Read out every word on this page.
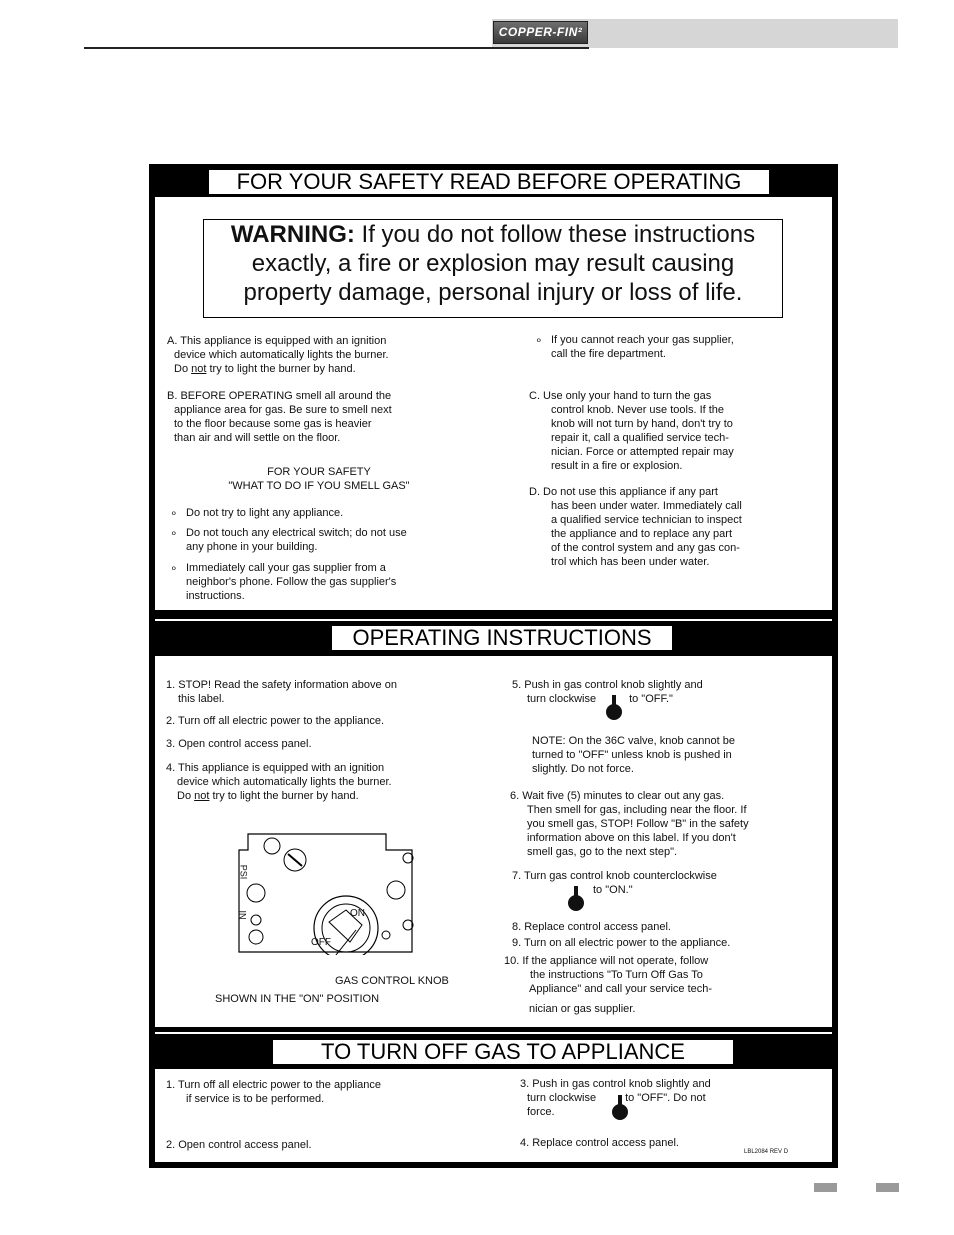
COPPER-FIN²
FOR YOUR SAFETY READ BEFORE OPERATING
OPERATING INSTRUCTIONS
TO TURN OFF GAS TO APPLIANCE
WARNING: If you do not follow these instructions
exactly, a fire or explosion may result causing
property damage, personal injury or loss of life.
A. This appliance is equipped with an ignition
device which automatically lights the burner.
Do not try to light the burner by hand.
B. BEFORE OPERATING smell all around the
appliance area for gas. Be sure to smell next
to the floor because some gas is heavier
than air and will settle on the floor.
FOR YOUR SAFETY
"WHAT TO DO IF YOU SMELL GAS"
∘ Do not try to light any appliance.
∘ Do not touch any electrical switch; do not use
any phone in your building.
∘ Immediately call your gas supplier from a
neighbor's phone. Follow the gas supplier's
instructions.
∘ If you cannot reach your gas supplier,
call the fire department.
C. Use only your hand to turn the gas
control knob. Never use tools. If the
knob will not turn by hand, don't try to
repair it, call a qualified service tech-
nician. Force or attempted repair may
result in a fire or explosion.
D. Do not use this appliance if any part
has been under water. Immediately call
a qualified service technician to inspect
the appliance and to replace any part
of the control system and any gas con-
trol which has been under water.
1. STOP! Read the safety information above on
this label.
2. Turn off all electric power to the appliance.
3. Open control access panel.
4. This appliance is equipped with an ignition
device which automatically lights the burner.
Do not try to light the burner by hand.
PSI
IN	ON
OFF
GAS CONTROL KNOB
SHOWN IN THE "ON" POSITION
5. Push in gas control knob slightly and
turn clockwise	to "OFF."
NOTE: On the 36C valve, knob cannot be
turned to "OFF" unless knob is pushed in
slightly. Do not force.
6. Wait five (5) minutes to clear out any gas.
Then smell for gas, including near the floor. If
you smell gas, STOP! Follow "B" in the safety
information above on this label. If you don't
smell gas, go to the next step".
7. Turn gas control knob counterclockwise
to "ON."
8. Replace control access panel.
9. Turn on all electric power to the appliance.
10. If the appliance will not operate, follow
the instructions "To Turn Off Gas To
Appliance" and call your service tech-
nician or gas supplier.
1. Turn off all electric power to the appliance
if service is to be performed.
2. Open control access panel.
3. Push in gas control knob slightly and
turn clockwise	to "OFF". Do not
force.
4. Replace control access panel.
LBL2084 REV D
